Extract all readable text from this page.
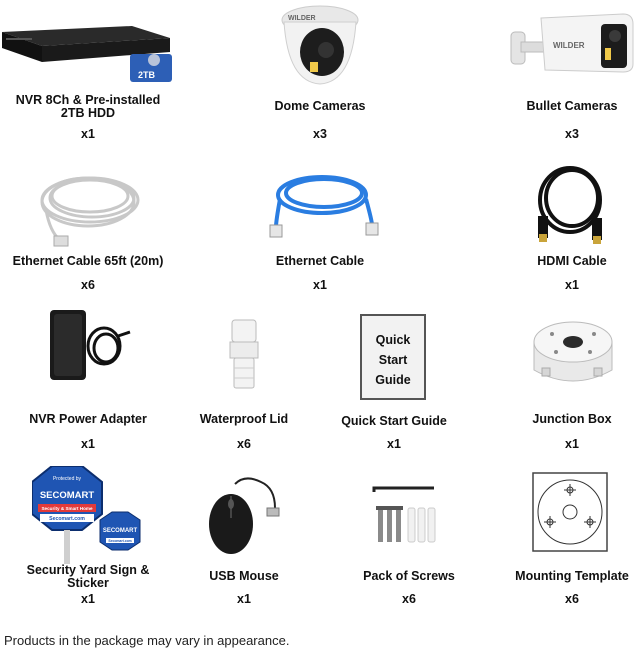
2TB
NVR 8Ch & Pre-installed 2TB HDD
x1
WILDER
Dome Cameras
x3
WILDER
Bullet Cameras
x3
Ethernet Cable 65ft (20m)
x6
Ethernet Cable
x1
HDMI Cable
x1
NVR Power Adapter
x1
Waterproof Lid
x6
Quick
Start
Guide
Quick Start Guide
x1
Junction Box
x1
Protected by
SECOMART
Security & Smart Home
Secomart.com
SECOMART
Secomart.com
Security Yard Sign & Sticker
x1
USB Mouse
x1
Pack of Screws
x6
Mounting Template
x6
Products in the package may vary in appearance.
